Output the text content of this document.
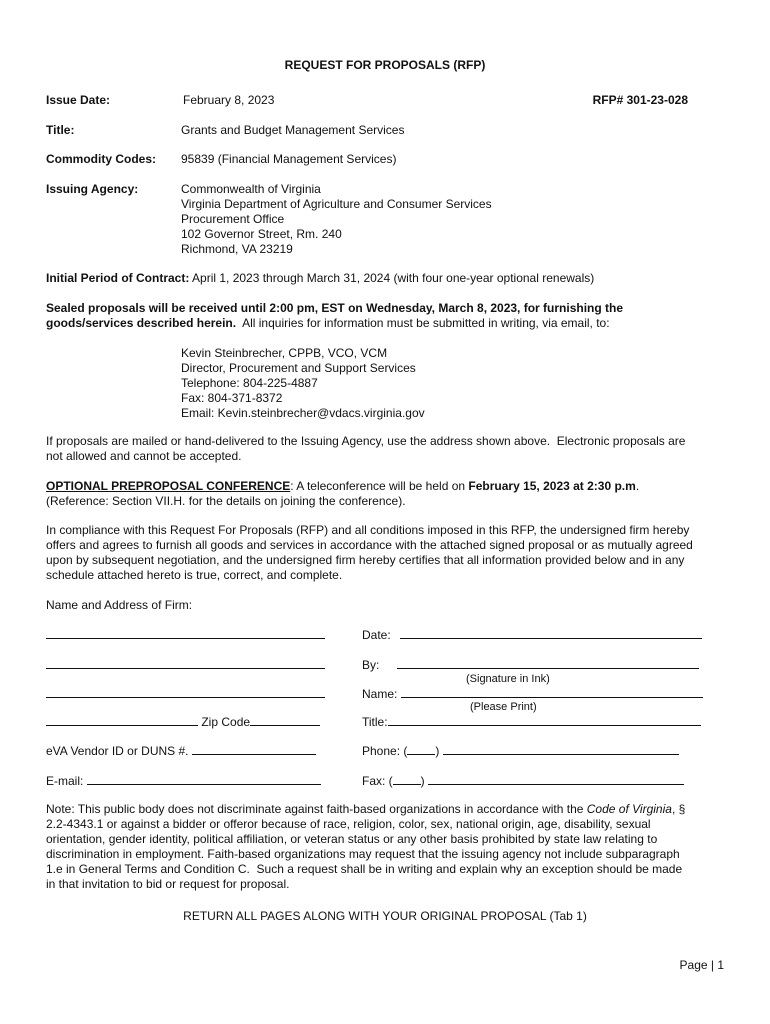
REQUEST FOR PROPOSALS (RFP)
Issue Date:	February 8, 2023	RFP# 301-23-028
Title:	Grants and Budget Management Services
Commodity Codes: 95839 (Financial Management Services)
Issuing Agency:	Commonwealth of Virginia
Virginia Department of Agriculture and Consumer Services
Procurement Office
102 Governor Street, Rm. 240
Richmond, VA 23219
Initial Period of Contract: April 1, 2023 through March 31, 2024 (with four one-year optional renewals)
Sealed proposals will be received until 2:00 pm, EST on Wednesday, March 8, 2023, for furnishing the
goods/services described herein.  All inquiries for information must be submitted in writing, via email, to:
Kevin Steinbrecher, CPPB, VCO, VCM
Director, Procurement and Support Services
Telephone: 804-225-4887
Fax: 804-371-8372
Email: Kevin.steinbrecher@vdacs.virginia.gov
If proposals are mailed or hand-delivered to the Issuing Agency, use the address shown above.  Electronic proposals are
not allowed and cannot be accepted.
OPTIONAL PREPROPOSAL CONFERENCE: A teleconference will be held on February 15, 2023 at 2:30 p.m.
(Reference: Section VII.H. for the details on joining the conference).
In compliance with this Request For Proposals (RFP) and all conditions imposed in this RFP, the undersigned firm hereby
offers and agrees to furnish all goods and services in accordance with the attached signed proposal or as mutually agreed
upon by subsequent negotiation, and the undersigned firm hereby certifies that all information provided below and in any
schedule attached hereto is true, correct, and complete.
Name and Address of Firm:
Zip Code
eVA Vendor ID or DUNS #.
E-mail:
Date:
By:
(Signature in Ink)
Name:
(Please Print)
Title:
Phone: ( )
Fax: ( )
Note: This public body does not discriminate against faith-based organizations in accordance with the Code of Virginia, §
2.2-4343.1 or against a bidder or offeror because of race, religion, color, sex, national origin, age, disability, sexual
orientation, gender identity, political affiliation, or veteran status or any other basis prohibited by state law relating to
discrimination in employment. Faith-based organizations may request that the issuing agency not include subparagraph
1.e in General Terms and Condition C.  Such a request shall be in writing and explain why an exception should be made
in that invitation to bid or request for proposal.
RETURN ALL PAGES ALONG WITH YOUR ORIGINAL PROPOSAL (Tab 1)
Page | 1
